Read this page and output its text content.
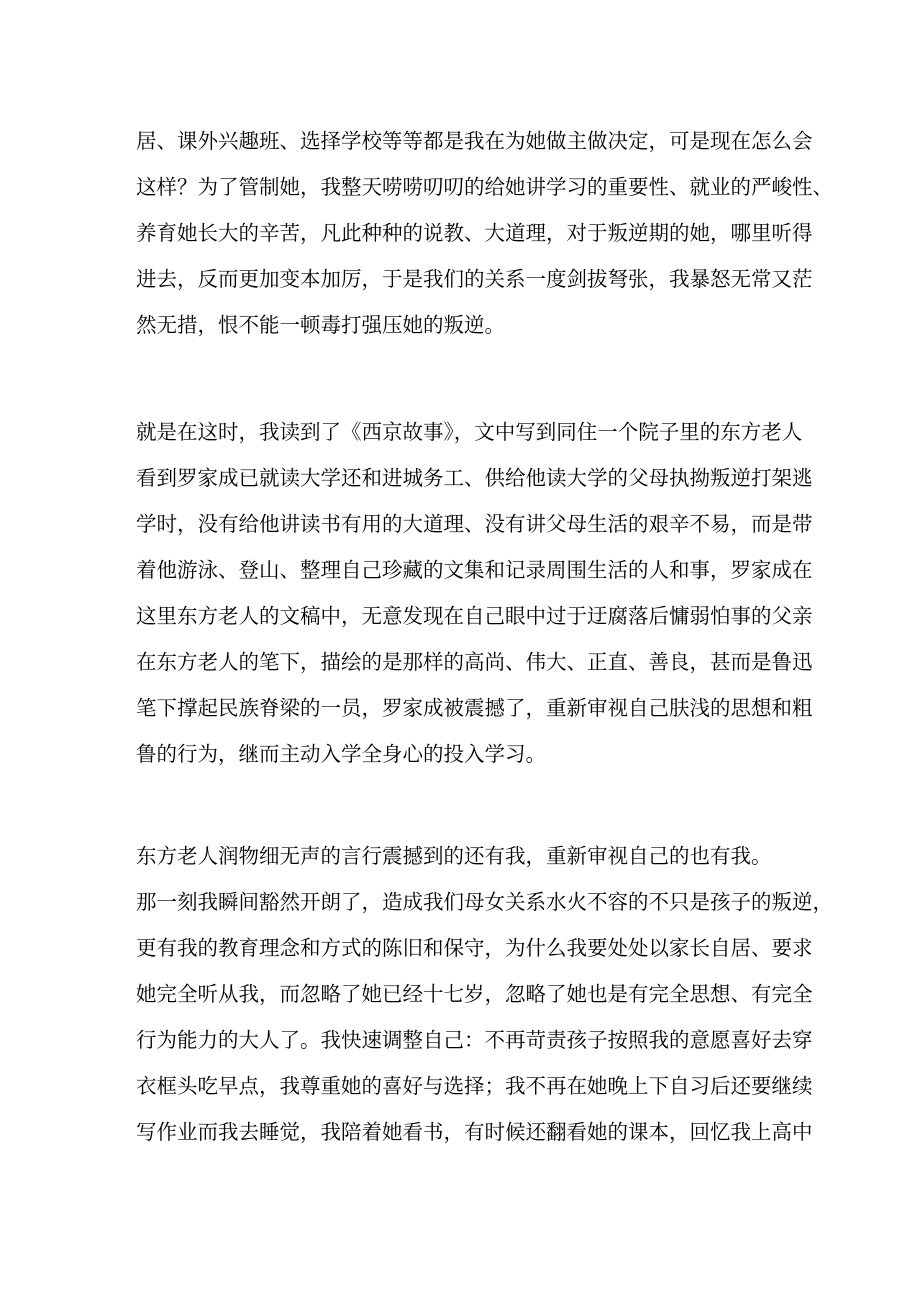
居、课外兴趣班、选择学校等等都是我在为她做主做决定，可是现在怎么会
这样？为了管制她，我整天唠唠叨叨的给她讲学习的重要性、就业的严峻性、
养育她长大的辛苦，凡此种种的说教、大道理，对于叛逆期的她，哪里听得
进去，反而更加变本加厉，于是我们的关系一度剑拔弩张，我暴怒无常又茫
然无措，恨不能一顿毒打强压她的叛逆。
就是在这时，我读到了《西京故事》，文中写到同住一个院子里的东方老人
看到罗家成已就读大学还和进城务工、供给他读大学的父母执拗叛逆打架逃
学时，没有给他讲读书有用的大道理、没有讲父母生活的艰辛不易，而是带
着他游泳、登山、整理自己珍藏的文集和记录周围生活的人和事，罗家成在
这里东方老人的文稿中，无意发现在自己眼中过于迂腐落后慵弱怕事的父亲
在东方老人的笔下，描绘的是那样的高尚、伟大、正直、善良，甚而是鲁迅
笔下撑起民族脊梁的一员，罗家成被震撼了，重新审视自己肤浅的思想和粗
鲁的行为，继而主动入学全身心的投入学习。
东方老人润物细无声的言行震撼到的还有我，重新审视自己的也有我。
那一刻我瞬间豁然开朗了，造成我们母女关系水火不容的不只是孩子的叛逆，
更有我的教育理念和方式的陈旧和保守，为什么我要处处以家长自居、要求
她完全听从我，而忽略了她已经十七岁，忽略了她也是有完全思想、有完全
行为能力的大人了。我快速调整自己：不再苛责孩子按照我的意愿喜好去穿
衣框头吃早点，我尊重她的喜好与选择；我不再在她晚上下自习后还要继续
写作业而我去睡觉，我陪着她看书，有时候还翻看她的课本，回忆我上高中
